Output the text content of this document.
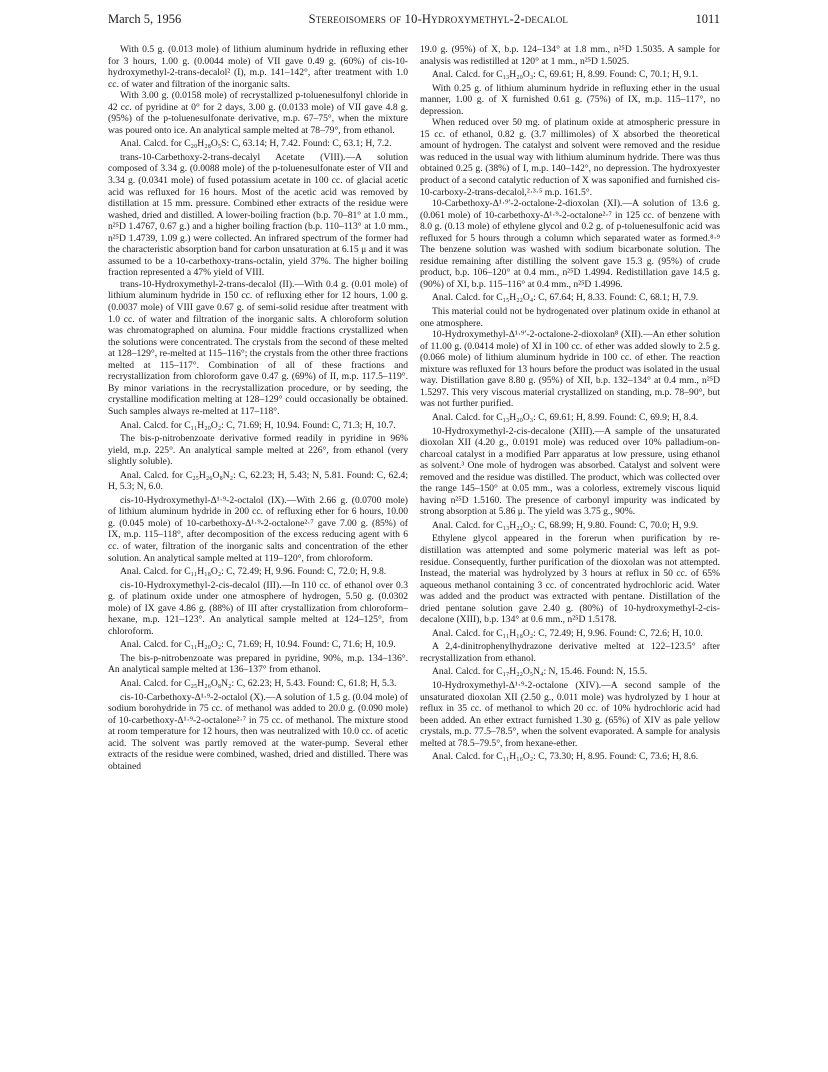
March 5, 1956	Stereoisomers of 10-Hydroxymethyl-2-decalol	1011

With 0.5 g. (0.013 mole) of lithium aluminum hydride in refluxing ether for 3 hours, 1.00 g. (0.0044 mole) of VII gave 0.49 g. (60%) of cis-10-hydroxymethyl-2-trans-decalol² (I), m.p. 141–142°, after treatment with 1.0 cc. of water and filtration of the inorganic salts.

With 3.00 g. (0.0158 mole) of recrystallized p-toluenesulfonyl chloride in 42 cc. of pyridine at 0° for 2 days, 3.00 g. (0.0133 mole) of VII gave 4.8 g. (95%) of the p-toluenesulfonate derivative, m.p. 67–75°, when the mixture was poured onto ice. An analytical sample melted at 78–79°, from ethanol.

Anal. Calcd. for C₂₀H₂₈O₅S: C, 63.14; H, 7.42. Found: C, 63.1; H, 7.2.

trans-10-Carbethoxy-2-trans-decalyl Acetate (VIII).—A solution composed of 3.34 g. (0.0088 mole) of the p-toluenesulfonate ester of VII and 3.34 g. (0.0341 mole) of fused potassium acetate in 100 cc. of glacial acetic acid was refluxed for 16 hours. Most of the acetic acid was removed by distillation at 15 mm. pressure. Combined ether extracts of the residue were washed, dried and distilled. A lower-boiling fraction (b.p. 70–81° at 1.0 mm., n²⁵D 1.4767, 0.67 g.) and a higher boiling fraction (b.p. 110–113° at 1.0 mm., n²⁵D 1.4739, 1.09 g.) were collected. An infrared spectrum of the former had the characteristic absorption band for carbon unsaturation at 6.15 μ and it was assumed to be a 10-carbethoxy-trans-octalin, yield 37%. The higher boiling fraction represented a 47% yield of VIII.

trans-10-Hydroxymethyl-2-trans-decalol (II).—With 0.4 g. (0.01 mole) of lithium aluminum hydride in 150 cc. of refluxing ether for 12 hours, 1.00 g. (0.0037 mole) of VIII gave 0.67 g. of semi-solid residue after treatment with 1.0 cc. of water and filtration of the inorganic salts. A chloroform solution was chromatographed on alumina. Four middle fractions crystallized when the solutions were concentrated. The crystals from the second of these melted at 128–129°, re-melted at 115–116°; the crystals from the other three fractions melted at 115–117°. Combination of all of these fractions and recrystallization from chloroform gave 0.47 g. (69%) of II, m.p. 117.5–119°. By minor variations in the recrystallization procedure, or by seeding, the crystalline modification melting at 128–129° could occasionally be obtained. Such samples always re-melted at 117–118°.

Anal. Calcd. for C₁₁H₂₀O₂: C, 71.69; H, 10.94. Found: C, 71.3; H, 10.7.

The bis-p-nitrobenzoate derivative formed readily in pyridine in 96% yield, m.p. 225°. An analytical sample melted at 226°, from ethanol (very slightly soluble).

Anal. Calcd. for C₂₅H₂₆O₈N₂: C, 62.23; H, 5.43; N, 5.81. Found: C, 62.4; H, 5.3; N, 6.0.

cis-10-Hydroxymethyl-Δ¹·⁹-2-octalol (IX).—With 2.66 g. (0.0700 mole) of lithium aluminum hydride in 200 cc. of refluxing ether for 6 hours, 10.00 g. (0.045 mole) of 10-carbethoxy-Δ¹·⁹-2-octalone²·⁷ gave 7.00 g. (85%) of IX, m.p. 115–118°, after decomposition of the excess reducing agent with 6 cc. of water, filtration of the inorganic salts and concentration of the ether solution. An analytical sample melted at 119–120°, from chloroform.

Anal. Calcd. for C₁₁H₁₈O₂: C, 72.49; H, 9.96. Found: C, 72.0; H, 9.8.

cis-10-Hydroxymethyl-2-cis-decalol (III).—In 110 cc. of ethanol over 0.3 g. of platinum oxide under one atmosphere of hydrogen, 5.50 g. (0.0302 mole) of IX gave 4.86 g. (88%) of III after crystallization from chloroform–hexane, m.p. 121–123°. An analytical sample melted at 124–125°, from chloroform.

Anal. Calcd. for C₁₁H₂₀O₂: C, 71.69; H, 10.94. Found: C, 71.6; H, 10.9.

The bis-p-nitrobenzoate was prepared in pyridine, 90%, m.p. 134–136°. An analytical sample melted at 136–137° from ethanol.

Anal. Calcd. for C₂₅H₂₆O₈N₂: C, 62.23; H, 5.43. Found: C, 61.8; H, 5.3.

cis-10-Carbethoxy-Δ¹·⁹-2-octalol (X).—A solution of 1.5 g. (0.04 mole) of sodium borohydride in 75 cc. of methanol was added to 20.0 g. (0.090 mole) of 10-carbethoxy-Δ¹·⁹-2-octalone²·⁷ in 75 cc. of methanol. The mixture stood at room temperature for 12 hours, then was neutralized with 10.0 cc. of acetic acid. The solvent was partly removed at the water-pump. Several ether extracts of the residue were combined, washed, dried and distilled. There was obtained

19.0 g. (95%) of X, b.p. 124–134° at 1.8 mm., n²⁵D 1.5035. A sample for analysis was redistilled at 120° at 1 mm., n²⁵D 1.5025.

Anal. Calcd. for C₁₃H₂₀O₃: C, 69.61; H, 8.99. Found: C, 70.1; H, 9.1.

With 0.25 g. of lithium aluminum hydride in refluxing ether in the usual manner, 1.00 g. of X furnished 0.61 g. (75%) of IX, m.p. 115–117°, no depression.

When reduced over 50 mg. of platinum oxide at atmospheric pressure in 15 cc. of ethanol, 0.82 g. (3.7 millimoles) of X absorbed the theoretical amount of hydrogen. The catalyst and solvent were removed and the residue was reduced in the usual way with lithium aluminum hydride. There was thus obtained 0.25 g. (38%) of I, m.p. 140–142°, no depression. The hydroxyester product of a second catalytic reduction of X was saponified and furnished cis-10-carboxy-2-trans-decalol,²·³·⁵ m.p. 161.5°.

10-Carbethoxy-Δ¹·⁹′-2-octalone-2-dioxolan (XI).—A solution of 13.6 g. (0.061 mole) of 10-carbethoxy-Δ¹·⁹-2-octalone²·⁷ in 125 cc. of benzene with 8.0 g. (0.13 mole) of ethylene glycol and 0.2 g. of p-toluenesulfonic acid was refluxed for 5 hours through a column which separated water as formed.⁸·⁹ The benzene solution was washed with sodium bicarbonate solution. The residue remaining after distilling the solvent gave 15.3 g. (95%) of crude product, b.p. 106–120° at 0.4 mm., n²⁵D 1.4994. Redistillation gave 14.5 g. (90%) of XI, b.p. 115–116° at 0.4 mm., n²⁵D 1.4996.

Anal. Calcd. for C₁₅H₂₂O₄: C, 67.64; H, 8.33. Found: C, 68.1; H, 7.9.

This material could not be hydrogenated over platinum oxide in ethanol at one atmosphere.

10-Hydroxymethyl-Δ¹·⁹′-2-octalone-2-dioxolan⁸ (XII).—An ether solution of 11.00 g. (0.0414 mole) of XI in 100 cc. of ether was added slowly to 2.5 g. (0.066 mole) of lithium aluminum hydride in 100 cc. of ether. The reaction mixture was refluxed for 13 hours before the product was isolated in the usual way. Distillation gave 8.80 g. (95%) of XII, b.p. 132–134° at 0.4 mm., n²⁵D 1.5297. This very viscous material crystallized on standing, m.p. 78–90°, but was not further purified.

Anal. Calcd. for C₁₃H₂₀O₃: C, 69.61; H, 8.99. Found: C, 69.9; H, 8.4.

10-Hydroxymethyl-2-cis-decalone (XIII).—A sample of the unsaturated dioxolan XII (4.20 g., 0.0191 mole) was reduced over 10% palladium-on-charcoal catalyst in a modified Parr apparatus at low pressure, using ethanol as solvent.³ One mole of hydrogen was absorbed. Catalyst and solvent were removed and the residue was distilled. The product, which was collected over the range 145–150° at 0.05 mm., was a colorless, extremely viscous liquid having n²⁵D 1.5160. The presence of carbonyl impurity was indicated by strong absorption at 5.86 μ. The yield was 3.75 g., 90%.

Anal. Calcd. for C₁₃H₂₂O₃: C, 68.99; H, 9.80. Found: C, 70.0; H, 9.9.

Ethylene glycol appeared in the forerun when purification by re-distillation was attempted and some polymeric material was left as pot-residue. Consequently, further purification of the dioxolan was not attempted. Instead, the material was hydrolyzed by 3 hours at reflux in 50 cc. of 65% aqueous methanol containing 3 cc. of concentrated hydrochloric acid. Water was added and the product was extracted with pentane. Distillation of the dried pentane solution gave 2.40 g. (80%) of 10-hydroxymethyl-2-cis-decalone (XIII), b.p. 134° at 0.6 mm., n²⁵D 1.5178.

Anal. Calcd. for C₁₁H₁₈O₂: C, 72.49; H, 9.96. Found: C, 72.6; H, 10.0.

A 2,4-dinitrophenylhydrazone derivative melted at 122–123.5° after recrystallization from ethanol.

Anal. Calcd. for C₁₇H₂₂O₅N₄: N, 15.46. Found: N, 15.5.

10-Hydroxymethyl-Δ¹·⁹-2-octalone (XIV).—A second sample of the unsaturated dioxolan XII (2.50 g., 0.011 mole) was hydrolyzed by 1 hour at reflux in 35 cc. of methanol to which 20 cc. of 10% hydrochloric acid had been added. An ether extract furnished 1.30 g. (65%) of XIV as pale yellow crystals, m.p. 77.5–78.5°, when the solvent evaporated. A sample for analysis melted at 78.5–79.5°, from hexane-ether.

Anal. Calcd. for C₁₁H₁₆O₂: C, 73.30; H, 8.95. Found: C, 73.6; H, 8.6.
